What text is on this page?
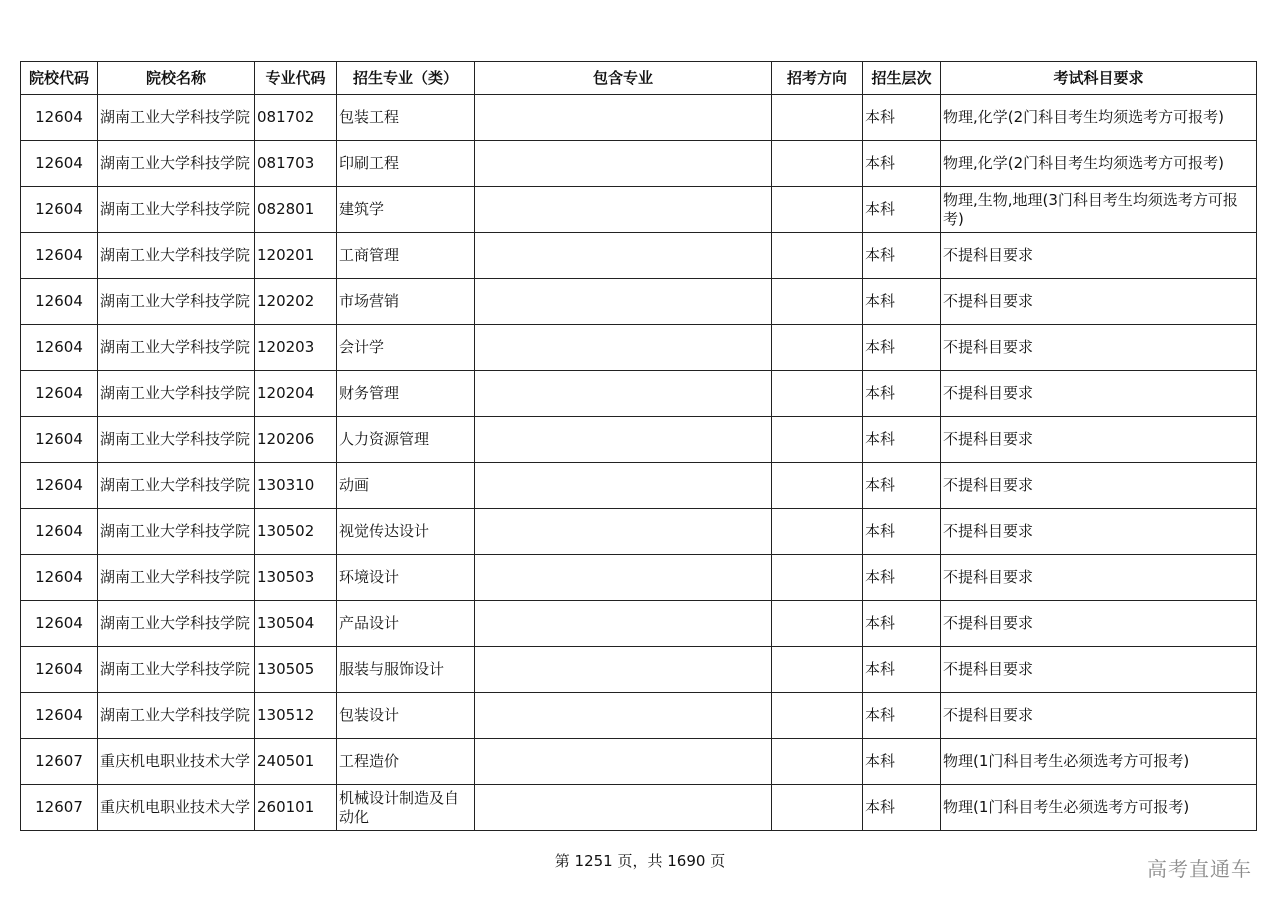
院校代码	院校名称	专业代码	招生专业（类）	包含专业	招考方向	招生层次	考试科目要求
12604	湖南工业大学科技学院	081702	包装工程			本科	物理,化学(2门科目考生均须选考方可报考)
12604	湖南工业大学科技学院	081703	印刷工程			本科	物理,化学(2门科目考生均须选考方可报考)
12604	湖南工业大学科技学院	082801	建筑学			本科	物理,生物,地理(3门科目考生均须选考方可报考)
12604	湖南工业大学科技学院	120201	工商管理			本科	不提科目要求
12604	湖南工业大学科技学院	120202	市场营销			本科	不提科目要求
12604	湖南工业大学科技学院	120203	会计学			本科	不提科目要求
12604	湖南工业大学科技学院	120204	财务管理			本科	不提科目要求
12604	湖南工业大学科技学院	120206	人力资源管理			本科	不提科目要求
12604	湖南工业大学科技学院	130310	动画			本科	不提科目要求
12604	湖南工业大学科技学院	130502	视觉传达设计			本科	不提科目要求
12604	湖南工业大学科技学院	130503	环境设计			本科	不提科目要求
12604	湖南工业大学科技学院	130504	产品设计			本科	不提科目要求
12604	湖南工业大学科技学院	130505	服装与服饰设计			本科	不提科目要求
12604	湖南工业大学科技学院	130512	包装设计			本科	不提科目要求
12607	重庆机电职业技术大学	240501	工程造价			本科	物理(1门科目考生必须选考方可报考)
12607	重庆机电职业技术大学	260101	机械设计制造及自动化			本科	物理(1门科目考生必须选考方可报考)
第 1251 页，共 1690 页	高考直通车
